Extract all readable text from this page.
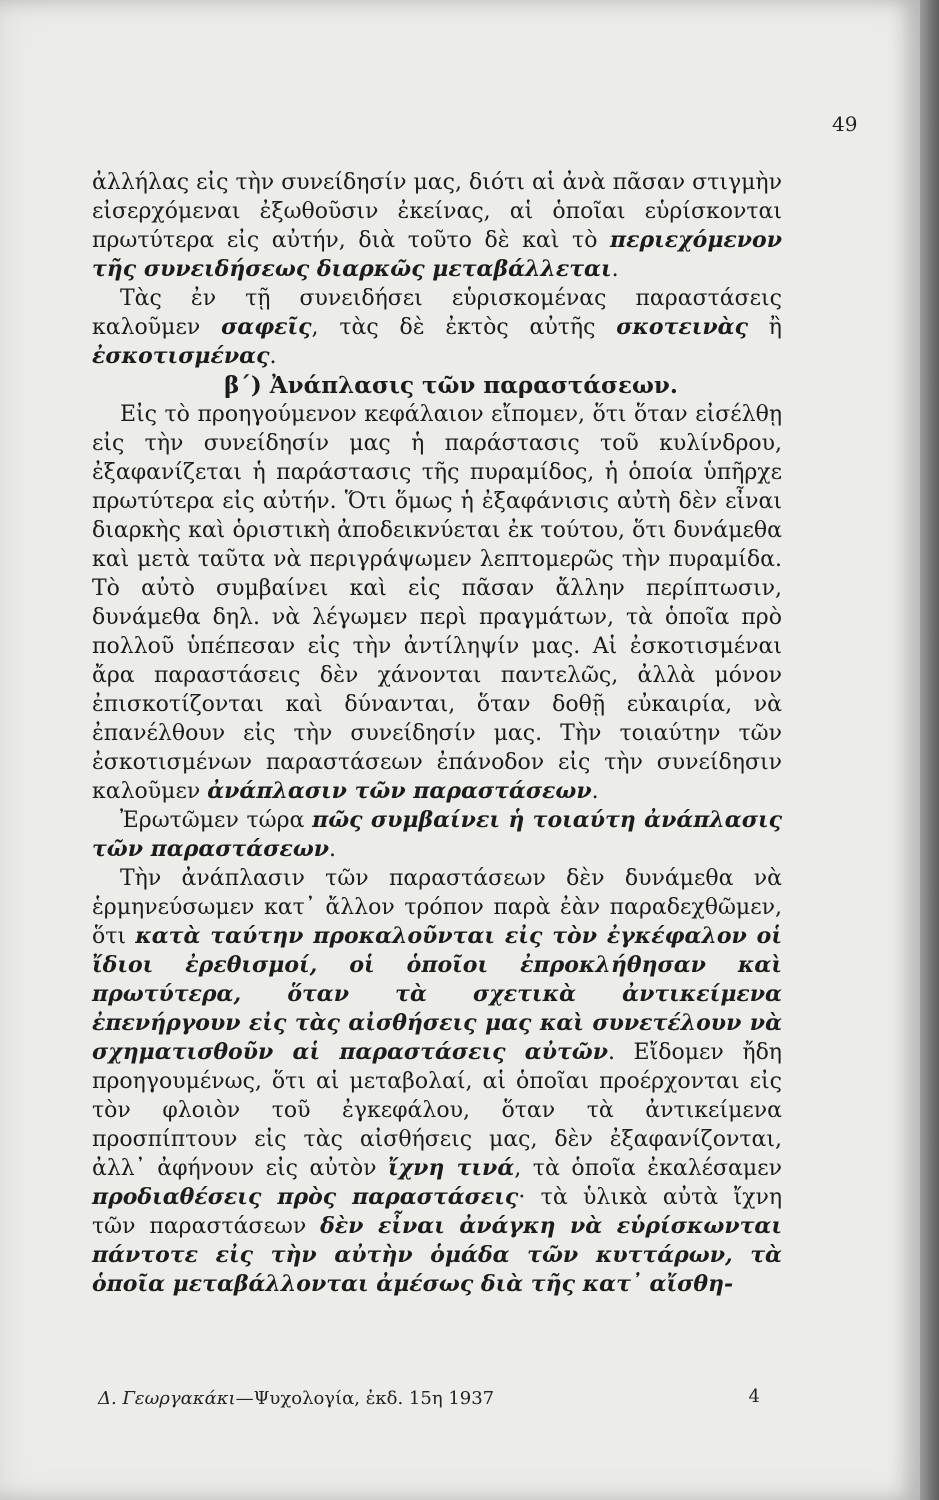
49

ἀλλήλας εἰς τὴν συνείδησίν μας, διότι αἱ ἀνὰ πᾶσαν στιγμὴν εἰσερχόμεναι ἐξωθοῦσιν ἐκείνας, αἱ ὁποῖαι εὑρίσκονται πρωτύτερα εἰς αὐτήν, διὰ τοῦτο δὲ καὶ τὸ περιεχόμενον τῆς συνειδήσεως διαρκῶς μεταβάλλεται.

Τὰς ἐν τῇ συνειδήσει εὑρισκομένας παραστάσεις καλοῦμεν σαφεῖς, τὰς δὲ ἐκτὸς αὐτῆς σκοτεινὰς ἢ ἐσκοτισμένας.

β΄) Ἀνάπλασις τῶν παραστάσεων.

Εἰς τὸ προηγούμενον κεφάλαιον εἴπομεν, ὅτι ὅταν εἰσέλθῃ εἰς τὴν συνείδησίν μας ἡ παράστασις τοῦ κυλίνδρου, ἐξαφανίζεται ἡ παράστασις τῆς πυραμίδος, ἡ ὁποία ὑπῆρχε πρωτύτερα εἰς αὐτήν. Ὅτι ὅμως ἡ ἐξαφάνισις αὐτὴ δὲν εἶναι διαρκὴς καὶ ὁριστικὴ ἀποδεικνύεται ἐκ τούτου, ὅτι δυνάμεθα καὶ μετὰ ταῦτα νὰ περιγράψωμεν λεπτομερῶς τὴν πυραμίδα. Τὸ αὐτὸ συμβαίνει καὶ εἰς πᾶσαν ἄλλην περίπτωσιν, δυνάμεθα δηλ. νὰ λέγωμεν περὶ πραγμάτων, τὰ ὁποῖα πρὸ πολλοῦ ὑπέπεσαν εἰς τὴν ἀντίληψίν μας. Αἱ ἐσκοτισμέναι ἄρα παραστάσεις δὲν χάνονται παντελῶς, ἀλλὰ μόνον ἐπισκοτίζονται καὶ δύνανται, ὅταν δοθῇ εὐκαιρία, νὰ ἐπανέλθουν εἰς τὴν συνείδησίν μας. Τὴν τοιαύτην τῶν ἐσκοτισμένων παραστάσεων ἐπάνοδον εἰς τὴν συνείδησιν καλοῦμεν ἀνάπλασιν τῶν παραστάσεων.

Ἐρωτῶμεν τώρα πῶς συμβαίνει ἡ τοιαύτη ἀνάπλασις τῶν παραστάσεων.

Τὴν ἀνάπλασιν τῶν παραστάσεων δὲν δυνάμεθα νὰ ἑρμηνεύσωμεν κατ᾿ ἄλλον τρόπον παρὰ ἐὰν παραδεχθῶμεν, ὅτι κατὰ ταύτην προκαλοῦνται εἰς τὸν ἐγκέφαλον οἱ ἴδιοι ἐρεθισμοί, οἱ ὁποῖοι ἐπροκλήθησαν καὶ πρωτύτερα, ὅταν τὰ σχετικὰ ἀντικείμενα ἐπενήργουν εἰς τὰς αἰσθήσεις μας καὶ συνετέλουν νὰ σχηματισθοῦν αἱ παραστάσεις αὐτῶν. Εἴδομεν ἤδη προηγουμένως, ὅτι αἱ μεταβολαί, αἱ ὁποῖαι προέρχονται εἰς τὸν φλοιὸν τοῦ ἐγκεφάλου, ὅταν τὰ ἀντικείμενα προσπίπτουν εἰς τὰς αἰσθήσεις μας, δὲν ἐξαφανίζονται, ἀλλ᾿ ἀφήνουν εἰς αὐτὸν ἴχνη τινά, τὰ ὁποῖα ἐκαλέσαμεν προδιαθέσεις πρὸς παραστάσεις· τὰ ὑλικὰ αὐτὰ ἴχνη τῶν παραστάσεων δὲν εἶναι ἀνάγκη νὰ εὑρίσκωνται πάντοτε εἰς τὴν αὐτὴν ὁμάδα τῶν κυττάρων, τὰ ὁποῖα μεταβάλλονται ἀμέσως διὰ τῆς κατ᾿ αἴσθη-

Δ. Γεωργακάκι—Ψυχολογία, ἐκδ. 15η 1937	4
